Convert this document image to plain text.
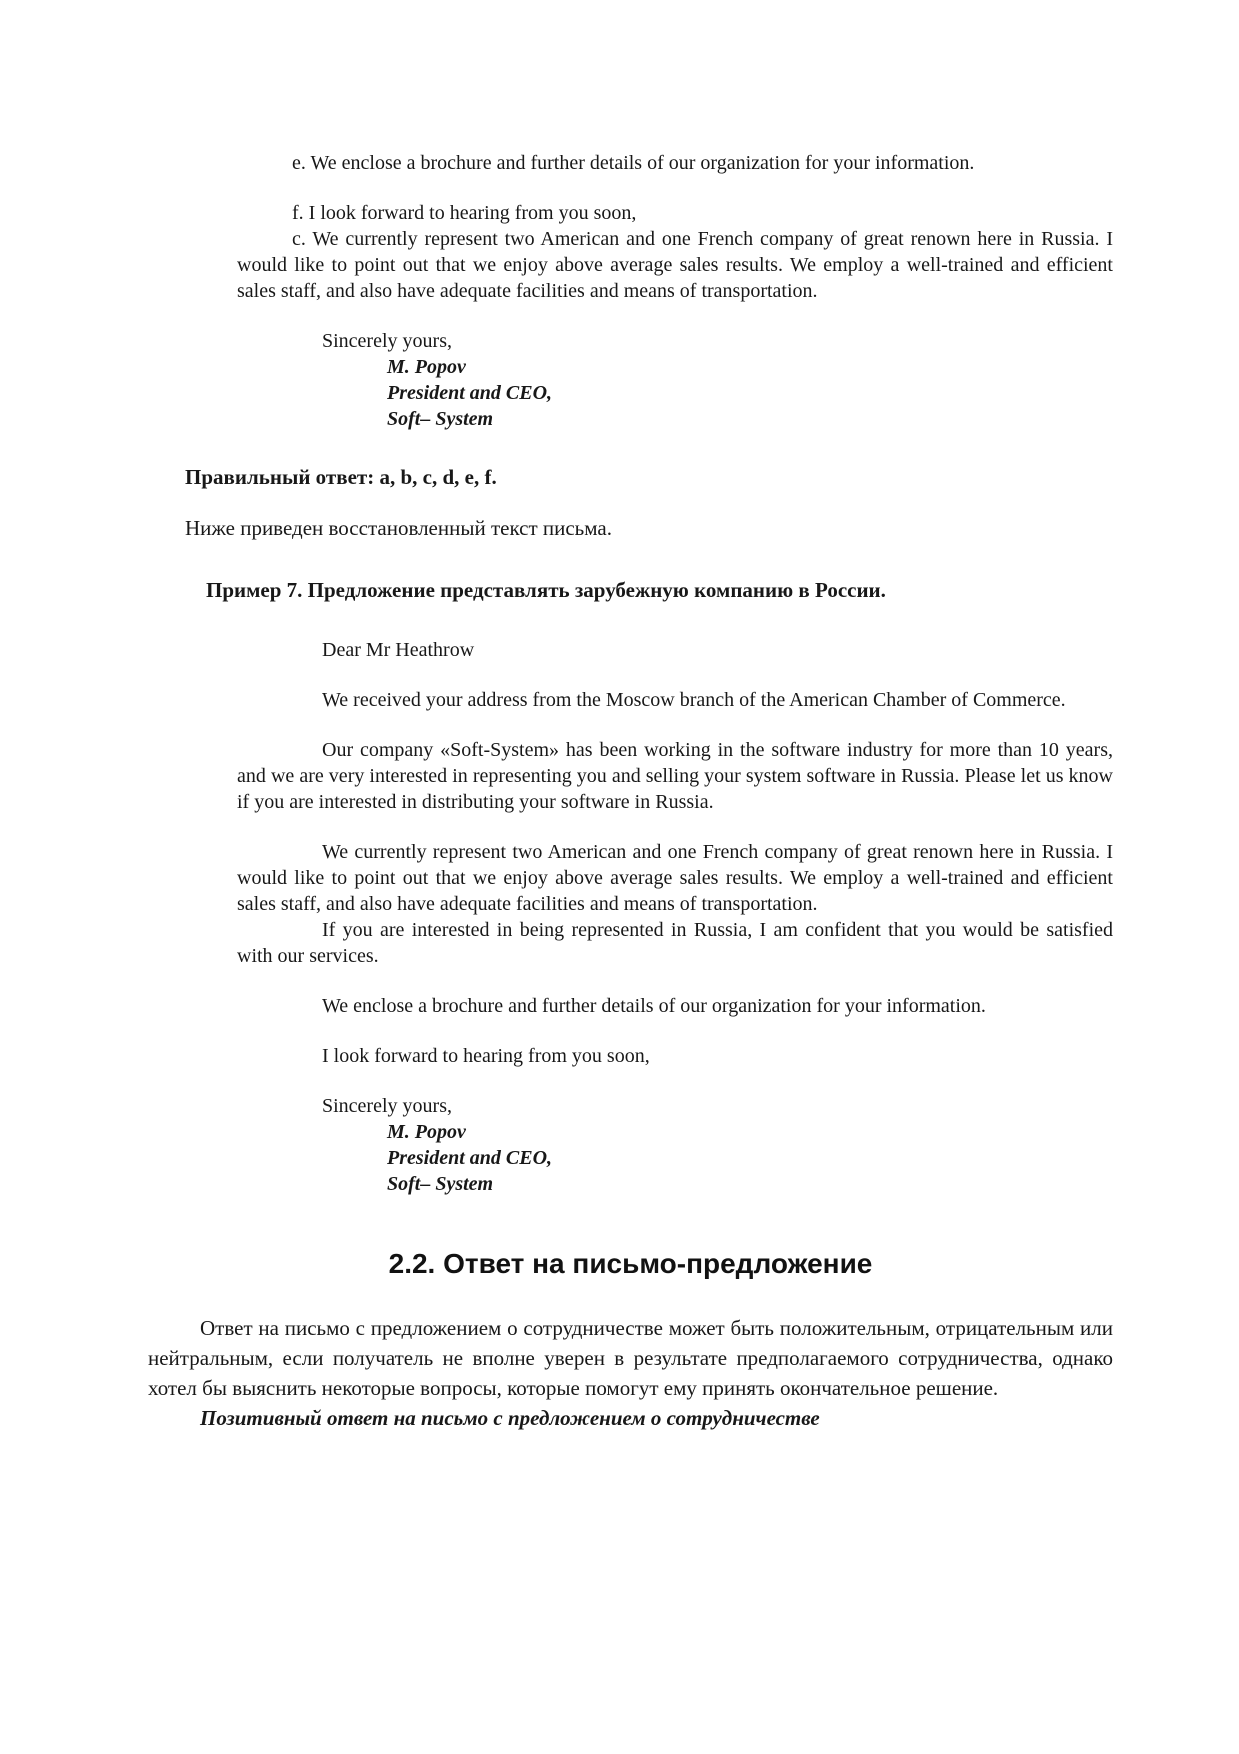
e. We enclose a brochure and further details of our organization for your information.

f. I look forward to hearing from you soon,

c. We currently represent two American and one French company of great renown here in Russia. I would like to point out that we enjoy above average sales results. We employ a well-trained and efficient sales staff, and also have adequate facilities and means of transportation.

Sincerely yours,

M. Popov

President and CEO,

Soft– System

Правильный ответ: a, b, c, d, e, f.

Ниже приведен восстановленный текст письма.

Пример 7. Предложение представлять зарубежную компанию в России.

Dear Mr Heathrow

We received your address from the Moscow branch of the American Chamber of Commerce.

Our company «Soft-System» has been working in the software industry for more than 10 years, and we are very interested in representing you and selling your system software in Russia. Please let us know if you are interested in distributing your software in Russia.

We currently represent two American and one French company of great renown here in Russia. I would like to point out that we enjoy above average sales results. We employ a well-trained and efficient sales staff, and also have adequate facilities and means of transportation.

If you are interested in being represented in Russia, I am confident that you would be satisfied with our services.

We enclose a brochure and further details of our organization for your information.

I look forward to hearing from you soon,

Sincerely yours,

M. Popov

President and CEO,

Soft– System

2.2. Ответ на письмо-предложение

Ответ на письмо с предложением о сотрудничестве может быть положительным, отрицательным или нейтральным, если получатель не вполне уверен в результате предполагаемого сотрудничества, однако хотел бы выяснить некоторые вопросы, которые помогут ему принять окончательное решение.

Позитивный ответ на письмо с предложением о сотрудничестве
